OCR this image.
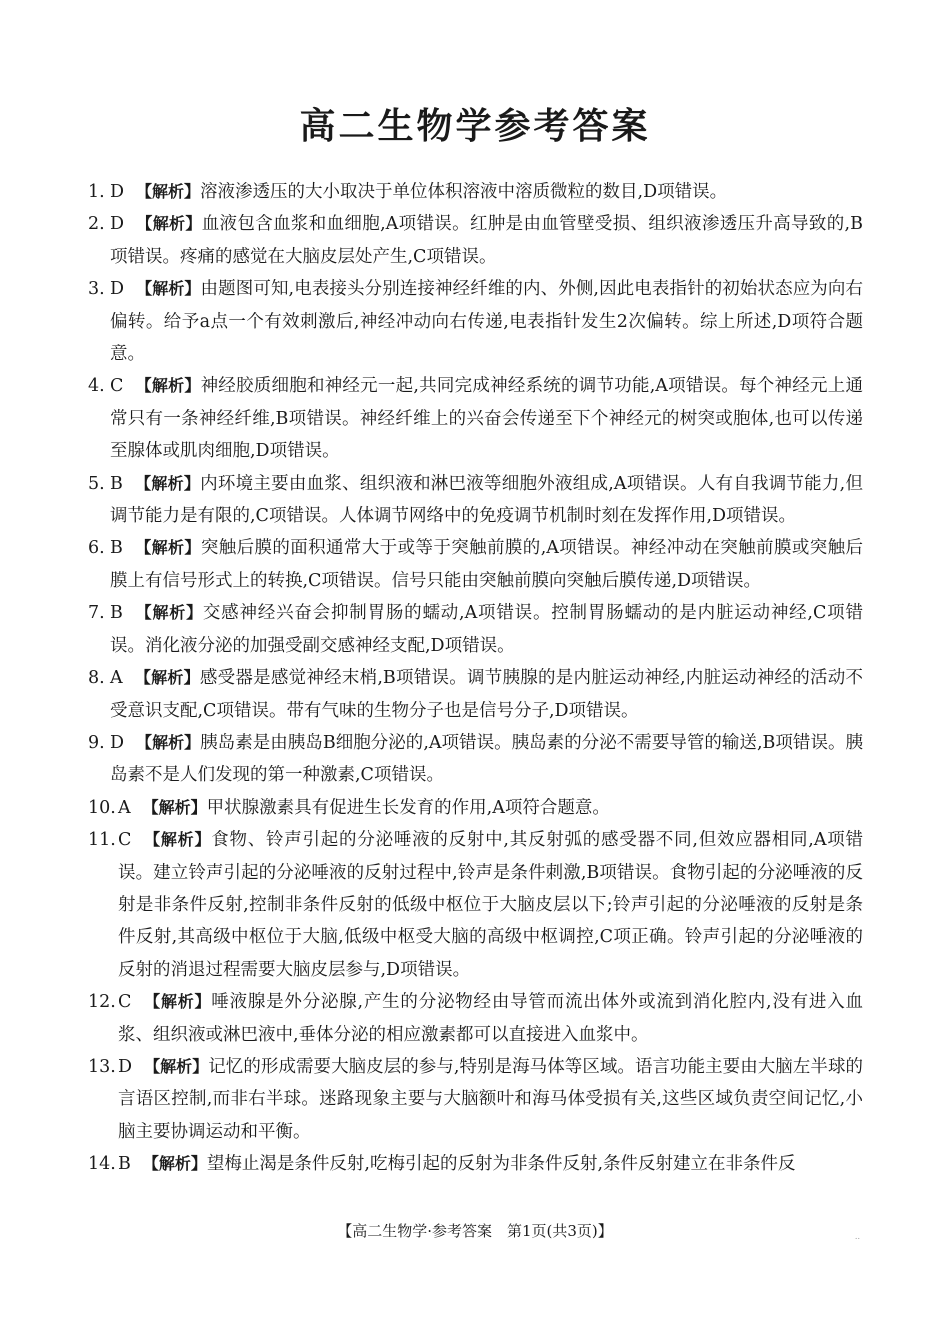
高二生物学参考答案
1. D 【解析】溶液渗透压的大小取决于单位体积溶液中溶质微粒的数目,D项错误。
2. D 【解析】血液包含血浆和血细胞,A项错误。红肿是由血管壁受损、组织液渗透压升高导致的,B项错误。疼痛的感觉在大脑皮层处产生,C项错误。
3. D 【解析】由题图可知,电表接头分别连接神经纤维的内、外侧,因此电表指针的初始状态应为向右偏转。给予a点一个有效刺激后,神经冲动向右传递,电表指针发生2次偏转。综上所述,D项符合题意。
4. C 【解析】神经胶质细胞和神经元一起,共同完成神经系统的调节功能,A项错误。每个神经元上通常只有一条神经纤维,B项错误。神经纤维上的兴奋会传递至下个神经元的树突或胞体,也可以传递至腺体或肌肉细胞,D项错误。
5. B 【解析】内环境主要由血浆、组织液和淋巴液等细胞外液组成,A项错误。人有自我调节能力,但调节能力是有限的,C项错误。人体调节网络中的免疫调节机制时刻在发挥作用,D项错误。
6. B 【解析】突触后膜的面积通常大于或等于突触前膜的,A项错误。神经冲动在突触前膜或突触后膜上有信号形式上的转换,C项错误。信号只能由突触前膜向突触后膜传递,D项错误。
7. B 【解析】交感神经兴奋会抑制胃肠的蠕动,A项错误。控制胃肠蠕动的是内脏运动神经,C项错误。消化液分泌的加强受副交感神经支配,D项错误。
8. A 【解析】感受器是感觉神经末梢,B项错误。调节胰腺的是内脏运动神经,内脏运动神经的活动不受意识支配,C项错误。带有气味的生物分子也是信号分子,D项错误。
9. D 【解析】胰岛素是由胰岛B细胞分泌的,A项错误。胰岛素的分泌不需要导管的输送,B项错误。胰岛素不是人们发现的第一种激素,C项错误。
10. A 【解析】甲状腺激素具有促进生长发育的作用,A项符合题意。
11. C 【解析】食物、铃声引起的分泌唾液的反射中,其反射弧的感受器不同,但效应器相同,A项错误。建立铃声引起的分泌唾液的反射过程中,铃声是条件刺激,B项错误。食物引起的分泌唾液的反射是非条件反射,控制非条件反射的低级中枢位于大脑皮层以下;铃声引起的分泌唾液的反射是条件反射,其高级中枢位于大脑,低级中枢受大脑的高级中枢调控,C项正确。铃声引起的分泌唾液的反射的消退过程需要大脑皮层参与,D项错误。
12. C 【解析】唾液腺是外分泌腺,产生的分泌物经由导管而流出体外或流到消化腔内,没有进入血浆、组织液或淋巴液中,垂体分泌的相应激素都可以直接进入血浆中。
13. D 【解析】记忆的形成需要大脑皮层的参与,特别是海马体等区域。语言功能主要由大脑左半球的言语区控制,而非右半球。迷路现象主要与大脑额叶和海马体受损有关,这些区域负责空间记忆,小脑主要协调运动和平衡。
14. B 【解析】望梅止渴是条件反射,吃梅引起的反射为非条件反射,条件反射建立在非条件反
【高二生物学·参考答案　第1页(共3页)】	..
